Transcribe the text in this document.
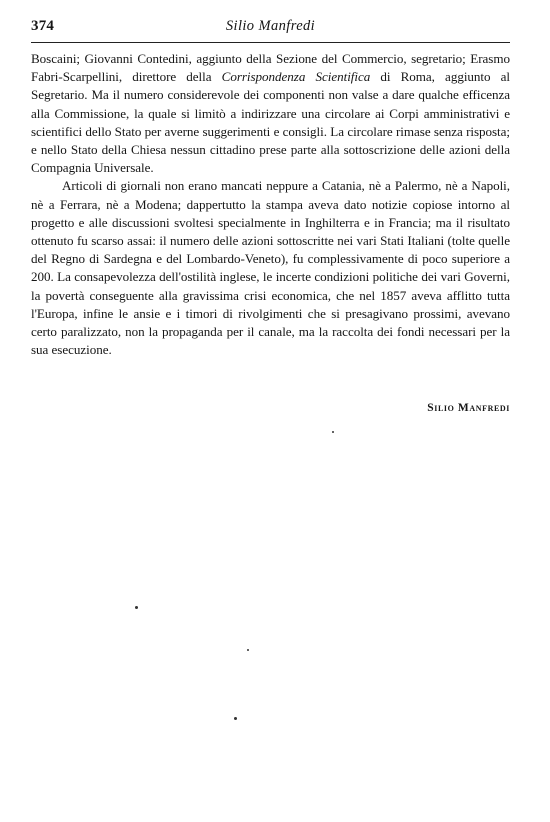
374	Silio Manfredi

Boscaini; Giovanni Contedini, aggiunto della Sezione del Commercio, segretario; Erasmo Fabri-Scarpellini, direttore della Corrispondenza Scientifica di Roma, aggiunto al Segretario. Ma il numero considerevole dei componenti non valse a dare qualche efficenza alla Commissione, la quale si limitò a indirizzare una circolare ai Corpi amministrativi e scientifici dello Stato per averne suggerimenti e consigli. La circolare rimase senza risposta; e nello Stato della Chiesa nessun cittadino prese parte alla sottoscrizione delle azioni della Compagnia Universale.

Articoli di giornali non erano mancati neppure a Catania, nè a Palermo, nè a Napoli, nè a Ferrara, nè a Modena; dappertutto la stampa aveva dato notizie copiose intorno al progetto e alle discussioni svoltesi specialmente in Inghilterra e in Francia; ma il risultato ottenuto fu scarso assai: il numero delle azioni sottoscritte nei vari Stati Italiani (tolte quelle del Regno di Sardegna e del Lombardo-Veneto), fu complessivamente di poco superiore a 200. La consapevolezza dell'ostilità inglese, le incerte condizioni politiche dei vari Governi, la povertà conseguente alla gravissima crisi economica, che nel 1857 aveva afflitto tutta l'Europa, infine le ansie e i timori di rivolgimenti che si presagivano prossimi, avevano certo paralizzato, non la propaganda per il canale, ma la raccolta dei fondi necessari per la sua esecuzione.

Silio Manfredi
